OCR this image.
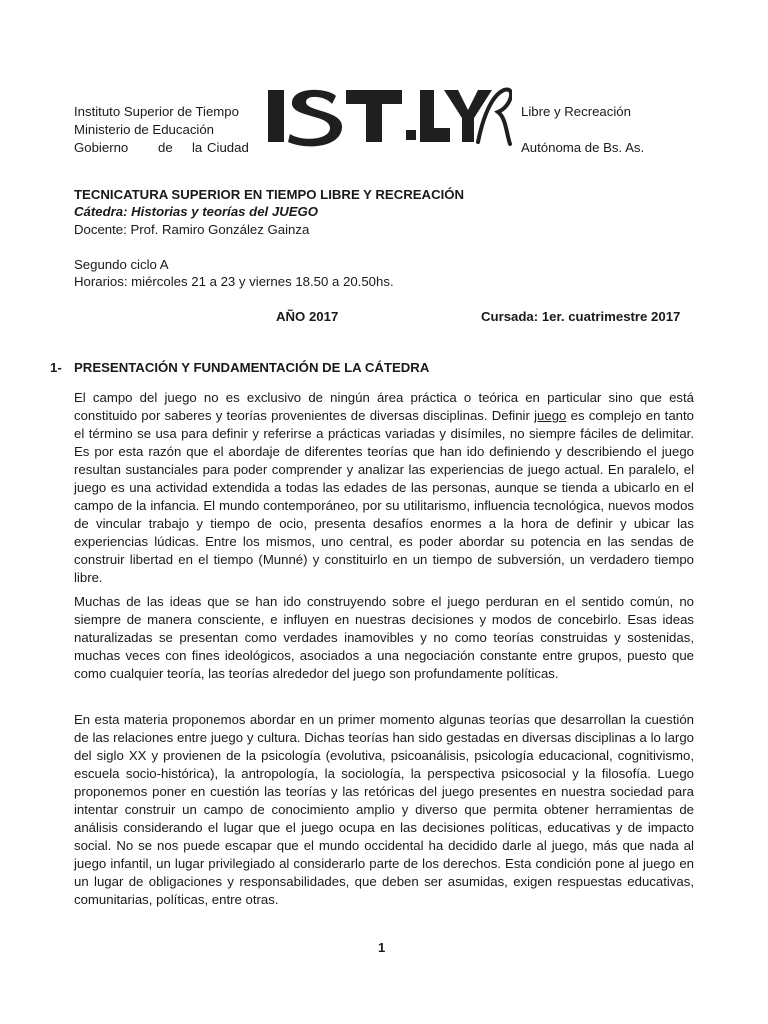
Instituto Superior de Tiempo
Ministerio de Educación
Gobierno de la Ciudad
Libre y Recreación
Autónoma de Bs. As.
TECNICATURA SUPERIOR EN TIEMPO LIBRE Y RECREACIÓN
Cátedra: Historias y teorías del JUEGO
Docente: Prof. Ramiro González Gainza
Segundo ciclo A
Horarios: miércoles 21 a 23 y viernes 18.50 a 20.50hs.
AÑO 2017	Cursada: 1er. cuatrimestre 2017
1- PRESENTACIÓN Y FUNDAMENTACIÓN DE LA CÁTEDRA

El campo del juego no es exclusivo de ningún área práctica o teórica en particular sino que está constituido por saberes y teorías provenientes de diversas disciplinas. Definir juego es complejo en tanto el término se usa para definir y referirse a prácticas variadas y disímiles, no siempre fáciles de delimitar. Es por esta razón que el abordaje de diferentes teorías que han ido definiendo y describiendo el juego resultan sustanciales para poder comprender y analizar las experiencias de juego actual. En paralelo, el juego es una actividad extendida a todas las edades de las personas, aunque se tienda a ubicarlo en el campo de la infancia. El mundo contemporáneo, por su utilitarismo, influencia tecnológica, nuevos modos de vincular trabajo y tiempo de ocio, presenta desafíos enormes a la hora de definir y ubicar las experiencias lúdicas. Entre los mismos, uno central, es poder abordar su potencia en las sendas de construir libertad en el tiempo (Munné) y constituirlo en un tiempo de subversión, un verdadero tiempo libre.

Muchas de las ideas que se han ido construyendo sobre el juego perduran en el sentido común, no siempre de manera consciente, e influyen en nuestras decisiones y modos de concebirlo. Esas ideas naturalizadas se presentan como verdades inamovibles y no como teorías construidas y sostenidas, muchas veces con fines ideológicos, asociados a una negociación constante entre grupos, puesto que como cualquier teoría, las teorías alrededor del juego son profundamente políticas.

En esta materia proponemos abordar en un primer momento algunas teorías que desarrollan la cuestión de las relaciones entre juego y cultura. Dichas teorías han sido gestadas en diversas disciplinas a lo largo del siglo XX y provienen de la psicología (evolutiva, psicoanálisis, psicología educacional, cognitivismo, escuela socio-histórica), la antropología, la sociología, la perspectiva psicosocial y la filosofía. Luego proponemos poner en cuestión las teorías y las retóricas del juego presentes en nuestra sociedad para intentar construir un campo de conocimiento amplio y diverso que permita obtener herramientas de análisis considerando el lugar que el juego ocupa en las decisiones políticas, educativas y de impacto social. No se nos puede escapar que el mundo occidental ha decidido darle al juego, más que nada al juego infantil, un lugar privilegiado al considerarlo parte de los derechos. Esta condición pone al juego en un lugar de obligaciones y responsabilidades, que deben ser asumidas, exigen respuestas educativas, comunitarias, políticas, entre otras.

1
